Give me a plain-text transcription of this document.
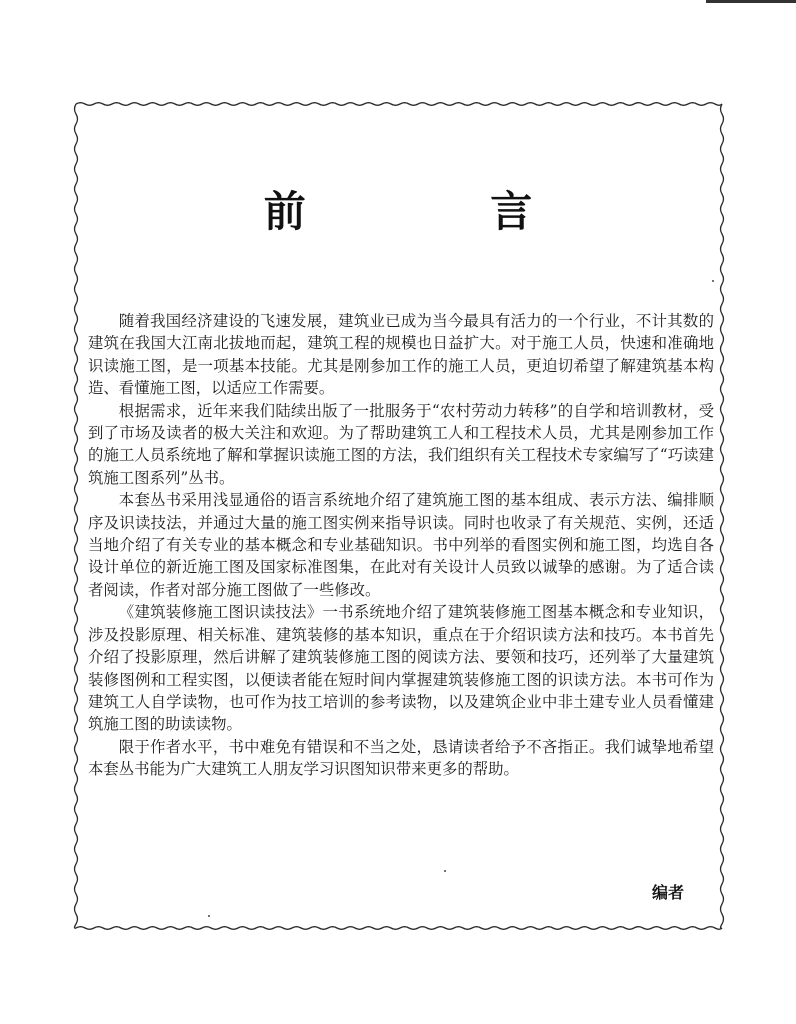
前 言

随着我国经济建设的飞速发展，建筑业已成为当今最具有活力的一个行业，不计其数的建筑在我国大江南北拔地而起，建筑工程的规模也日益扩大。对于施工人员，快速和准确地识读施工图，是一项基本技能。尤其是刚参加工作的施工人员，更迫切希望了解建筑基本构造、看懂施工图，以适应工作需要。

根据需求，近年来我们陆续出版了一批服务于“农村劳动力转移”的自学和培训教材，受到了市场及读者的极大关注和欢迎。为了帮助建筑工人和工程技术人员，尤其是刚参加工作的施工人员系统地了解和掌握识读施工图的方法，我们组织有关工程技术专家编写了“巧读建筑施工图系列”丛书。

本套丛书采用浅显通俗的语言系统地介绍了建筑施工图的基本组成、表示方法、编排顺序及识读技法，并通过大量的施工图实例来指导识读。同时也收录了有关规范、实例，还适当地介绍了有关专业的基本概念和专业基础知识。书中列举的看图实例和施工图，均选自各设计单位的新近施工图及国家标准图集，在此对有关设计人员致以诚挚的感谢。为了适合读者阅读，作者对部分施工图做了一些修改。

《建筑装修施工图识读技法》一书系统地介绍了建筑装修施工图基本概念和专业知识，涉及投影原理、相关标准、建筑装修的基本知识，重点在于介绍识读方法和技巧。本书首先介绍了投影原理，然后讲解了建筑装修施工图的阅读方法、要领和技巧，还列举了大量建筑装修图例和工程实图，以便读者能在短时间内掌握建筑装修施工图的识读方法。本书可作为建筑工人自学读物，也可作为技工培训的参考读物，以及建筑企业中非土建专业人员看懂建筑施工图的助读读物。

限于作者水平，书中难免有错误和不当之处，恳请读者给予不吝指正。我们诚挚地希望本套丛书能为广大建筑工人朋友学习识图知识带来更多的帮助。

编者
